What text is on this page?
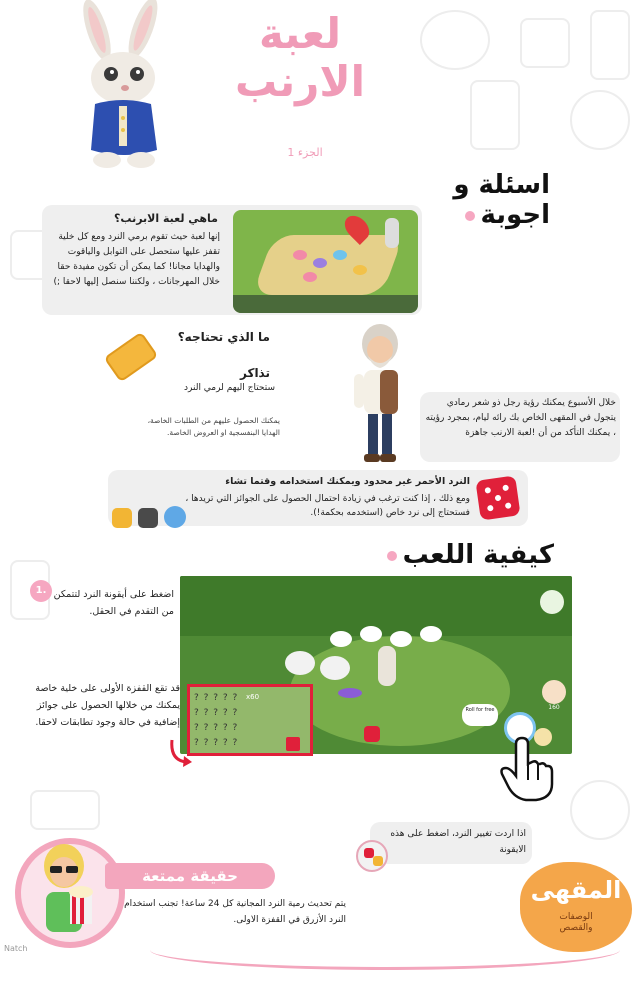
لعبة
الارنب
الجزء 1
اسئلة و اجوبة
ماهي لعبة الابرنب؟
إنها لعبة حيث تقوم برمي النرد ومع كل خلية تقفز عليها ستحصل على التوابل والياقوت والهدايا مجانا! كما يمكن أن تكون مفيدة حقا خلال المهرجانات ، ولكننا سنصل إليها لاحقا ;)
ما الذي تحتاجه؟
تذاكر
ستحتاج اليهم لرمي النرد
يمكنك الحصول عليهم من الطلبات الخاصة، الهدايا البنفسجية او العروض الخاصة.
خلال الأسبوع يمكنك رؤية رجل ذو شعر رمادي يتجول في المقهى الخاص بك رائه ليام، بمجرد رؤيته ، يمكنك التأكد من أن !لعبة الارنب جاهزة
النرد الأحمر غير محدود ويمكنك استخدامه وقتما تشاء
ومع ذلك ، إذا كنت ترغب في زيادة احتمال الحصول على الجوائز التي تريدها ، فستحتاج إلى نرد خاص (استخدمه بحكمة!).
كيفية اللعب
1. اضغط على أيقونة النرد لتتمكن من التقدم في الحقل.
قد تقع القفزة الأولى على خلية خاصة يمكنك من خلالها الحصول على جوائز إضافية في حالة وجود تطابقات لاحقا.
Roll for free	160
? ? ? ? ?
? ? ? ? ?
? ? ? ? ?
? ? ? ? ?
x60
اذا اردت تغيير النرد، اضغط على هذه الايقونة
حقيقة ممتعة
يتم تحديث رمية النرد المجانية كل 24 ساعة! تجنب استخدام النرد الأزرق في القفزة الاولى.
المقهى
الوصفات
والقصص
Natch
